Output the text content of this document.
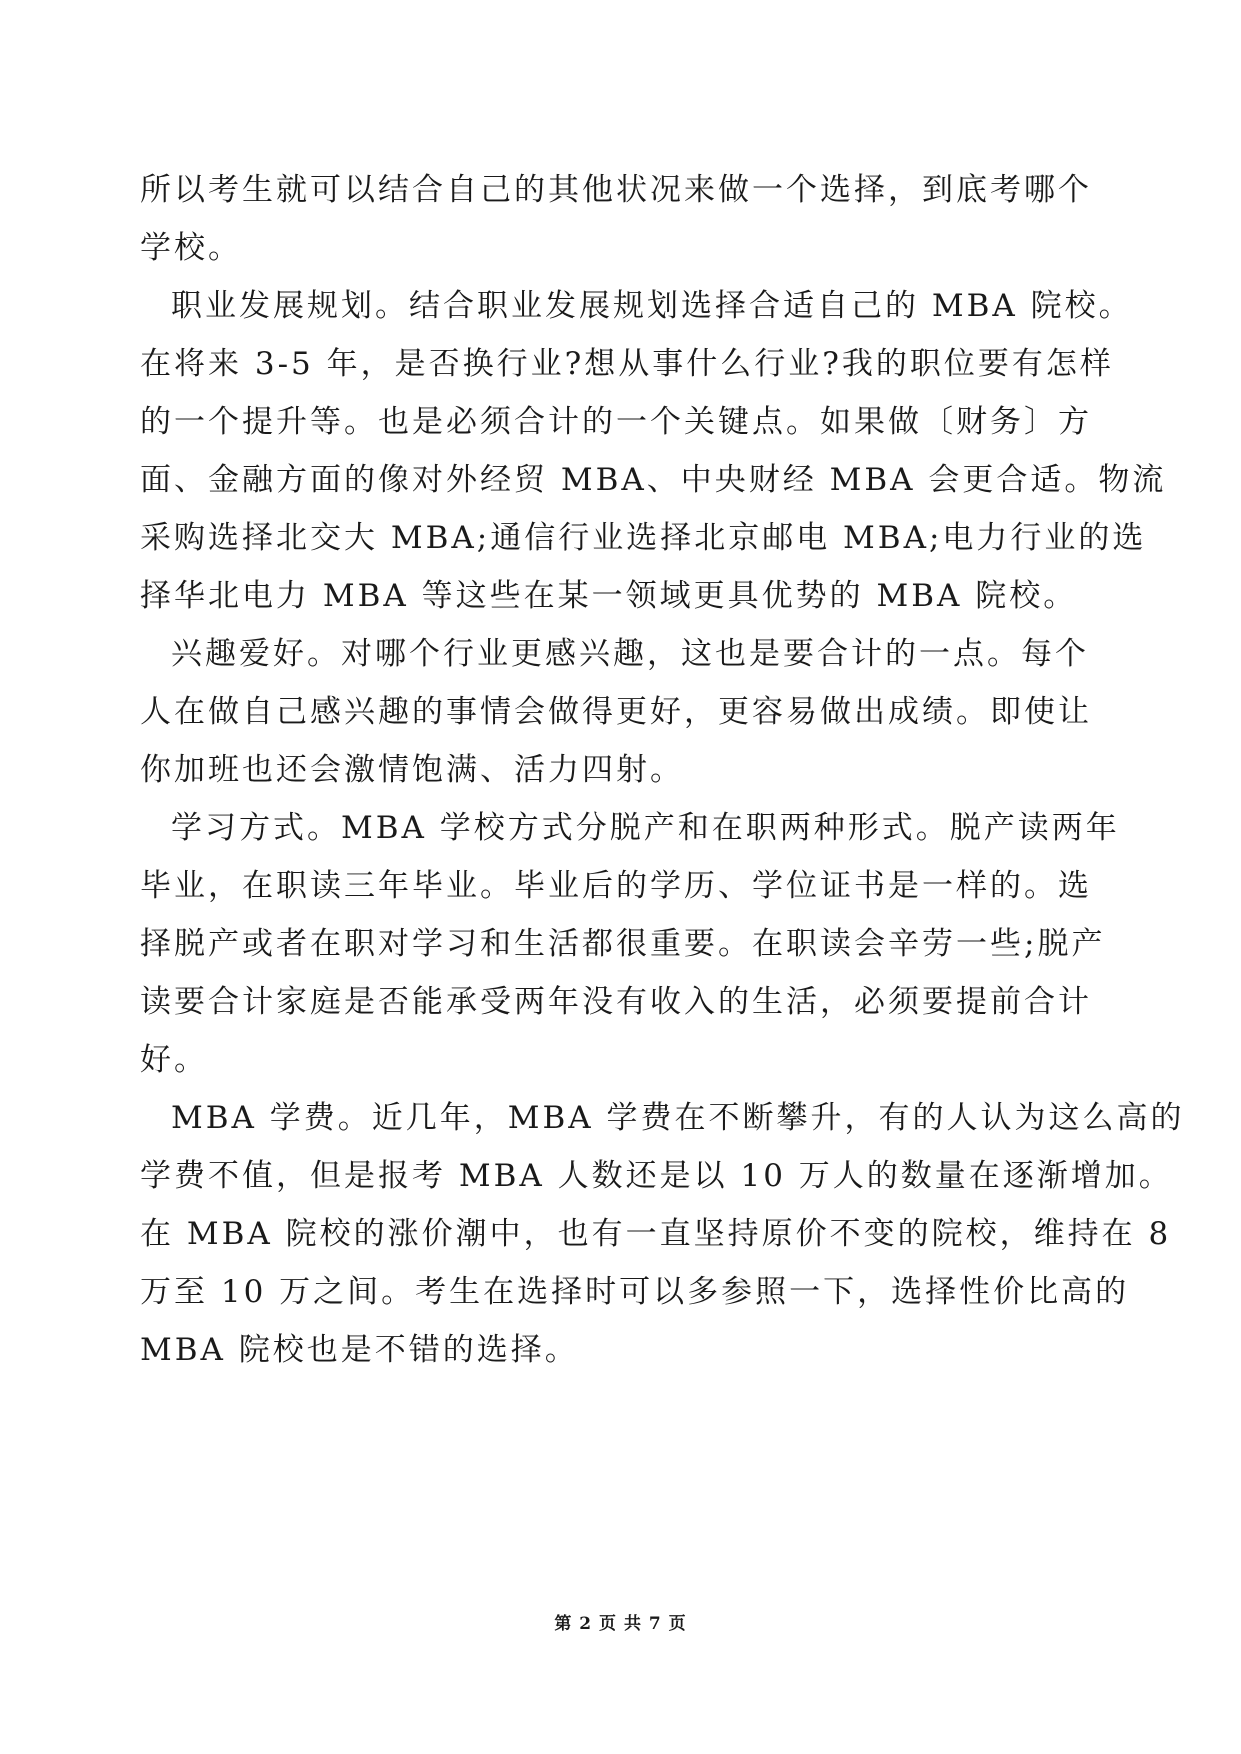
所以考生就可以结合自己的其他状况来做一个选择，到底考哪个
学校。
职业发展规划。结合职业发展规划选择合适自己的 MBA 院校。
在将来 3-5 年，是否换行业?想从事什么行业?我的职位要有怎样
的一个提升等。也是必须合计的一个关键点。如果做〔财务〕方
面、金融方面的像对外经贸 MBA、中央财经 MBA 会更合适。物流
采购选择北交大 MBA;通信行业选择北京邮电 MBA;电力行业的选
择华北电力 MBA 等这些在某一领域更具优势的 MBA 院校。
兴趣爱好。对哪个行业更感兴趣，这也是要合计的一点。每个
人在做自己感兴趣的事情会做得更好，更容易做出成绩。即使让
你加班也还会激情饱满、活力四射。
学习方式。MBA 学校方式分脱产和在职两种形式。脱产读两年
毕业，在职读三年毕业。毕业后的学历、学位证书是一样的。选
择脱产或者在职对学习和生活都很重要。在职读会辛劳一些;脱产
读要合计家庭是否能承受两年没有收入的生活，必须要提前合计
好。
MBA 学费。近几年，MBA 学费在不断攀升，有的人认为这么高的
学费不值，但是报考 MBA 人数还是以 10 万人的数量在逐渐增加。
在 MBA 院校的涨价潮中，也有一直坚持原价不变的院校，维持在 8
万至 10 万之间。考生在选择时可以多参照一下，选择性价比高的
MBA 院校也是不错的选择。
第 2 页 共 7 页
